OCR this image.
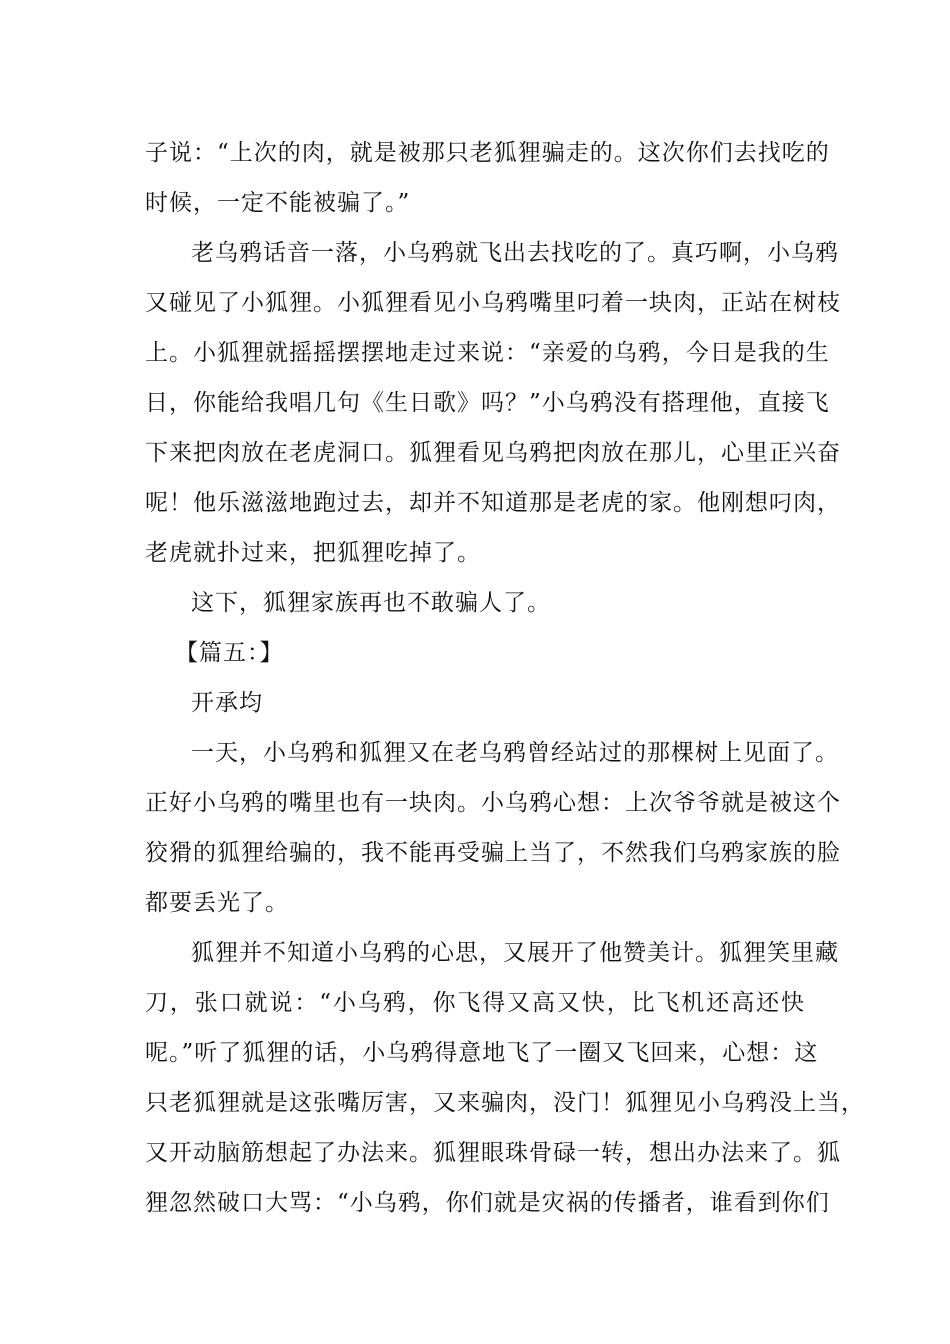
子说：“上次的肉，就是被那只老狐狸骗走的。这次你们去找吃的
时候，一定不能被骗了。”
老乌鸦话音一落，小乌鸦就飞出去找吃的了。真巧啊，小乌鸦
又碰见了小狐狸。小狐狸看见小乌鸦嘴里叼着一块肉，正站在树枝
上。小狐狸就摇摇摆摆地走过来说：“亲爱的乌鸦，今日是我的生
日，你能给我唱几句《生日歌》吗？”小乌鸦没有搭理他，直接飞
下来把肉放在老虎洞口。狐狸看见乌鸦把肉放在那儿，心里正兴奋
呢！他乐滋滋地跑过去，却并不知道那是老虎的家。他刚想叼肉，
老虎就扑过来，把狐狸吃掉了。
这下，狐狸家族再也不敢骗人了。
【篇五：】
开承均
一天，小乌鸦和狐狸又在老乌鸦曾经站过的那棵树上见面了。
正好小乌鸦的嘴里也有一块肉。小乌鸦心想：上次爷爷就是被这个
狡猾的狐狸给骗的，我不能再受骗上当了，不然我们乌鸦家族的脸
都要丢光了。
狐狸并不知道小乌鸦的心思，又展开了他赞美计。狐狸笑里藏
刀，张口就说：“小乌鸦，你飞得又高又快，比飞机还高还快
呢。”听了狐狸的话，小乌鸦得意地飞了一圈又飞回来，心想：这
只老狐狸就是这张嘴厉害，又来骗肉，没门！狐狸见小乌鸦没上当，
又开动脑筋想起了办法来。狐狸眼珠骨碌一转，想出办法来了。狐
狸忽然破口大骂：“小乌鸦，你们就是灾祸的传播者，谁看到你们
